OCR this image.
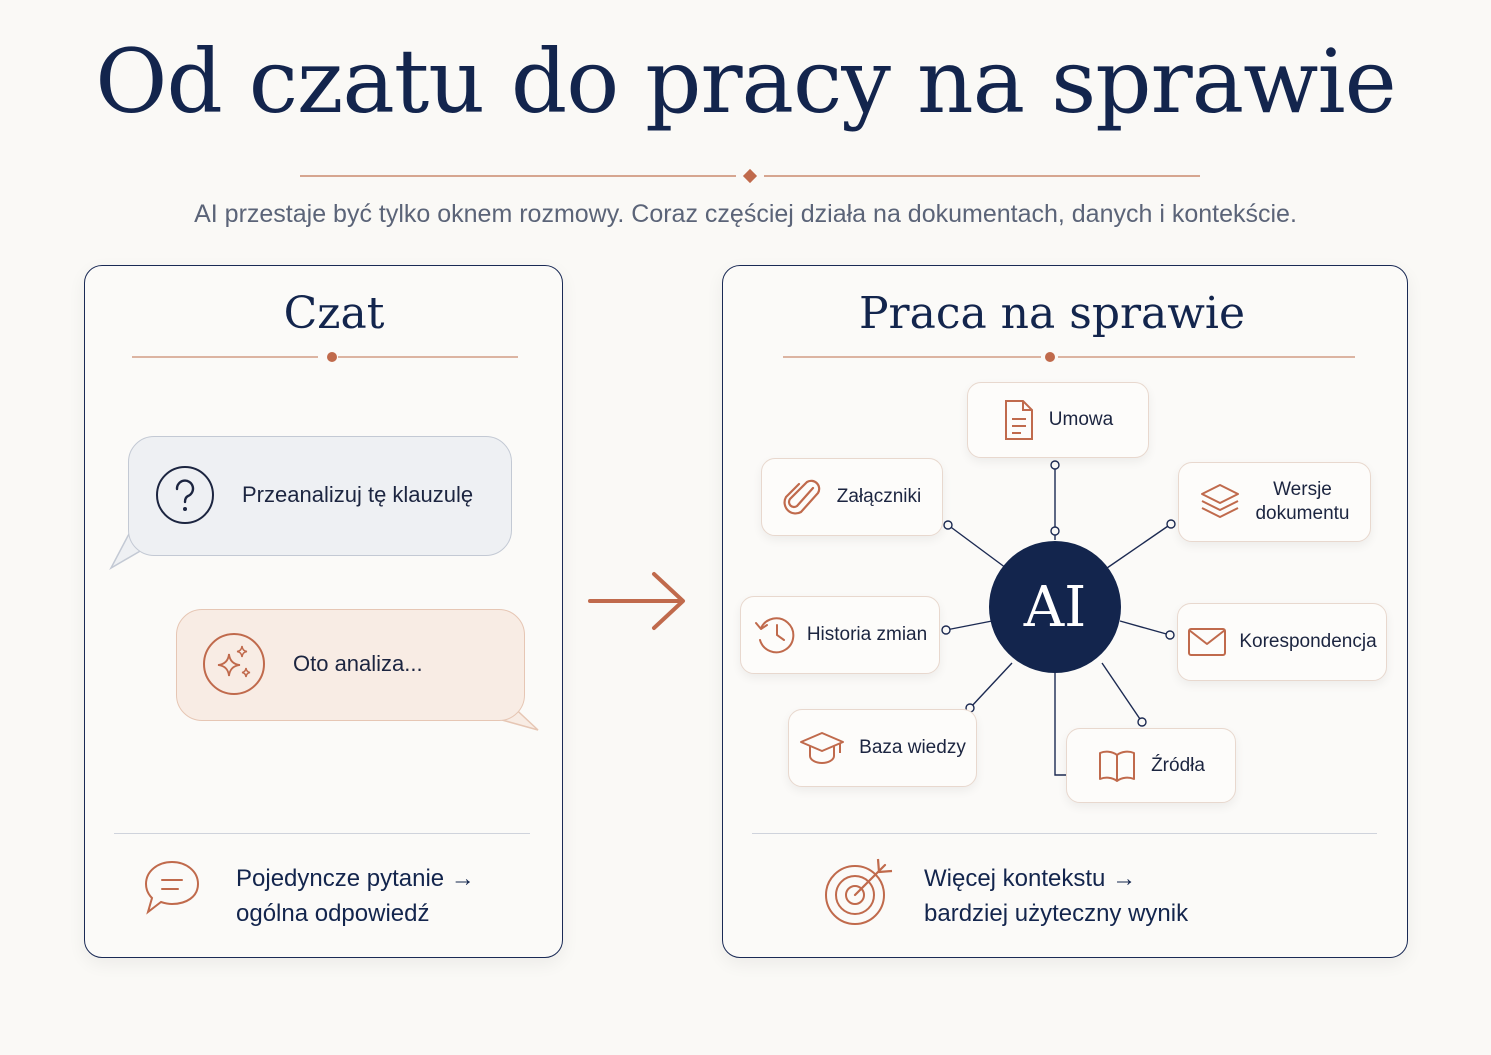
Od czatu do pracy na sprawie
AI przestaje być tylko oknem rozmowy. Coraz częściej działa na dokumentach, danych i kontekście.
Czat
Przeanalizuj tę klauzulę
Oto analiza...
Pojedyncze pytanie →
ogólna odpowiedź
Praca na sprawie
AI
Umowa
Załączniki	Wersje
dokumentu
Historia zmian	Korespondencja
Baza wiedzy
Źródła
Więcej kontekstu →
bardziej użyteczny wynik
